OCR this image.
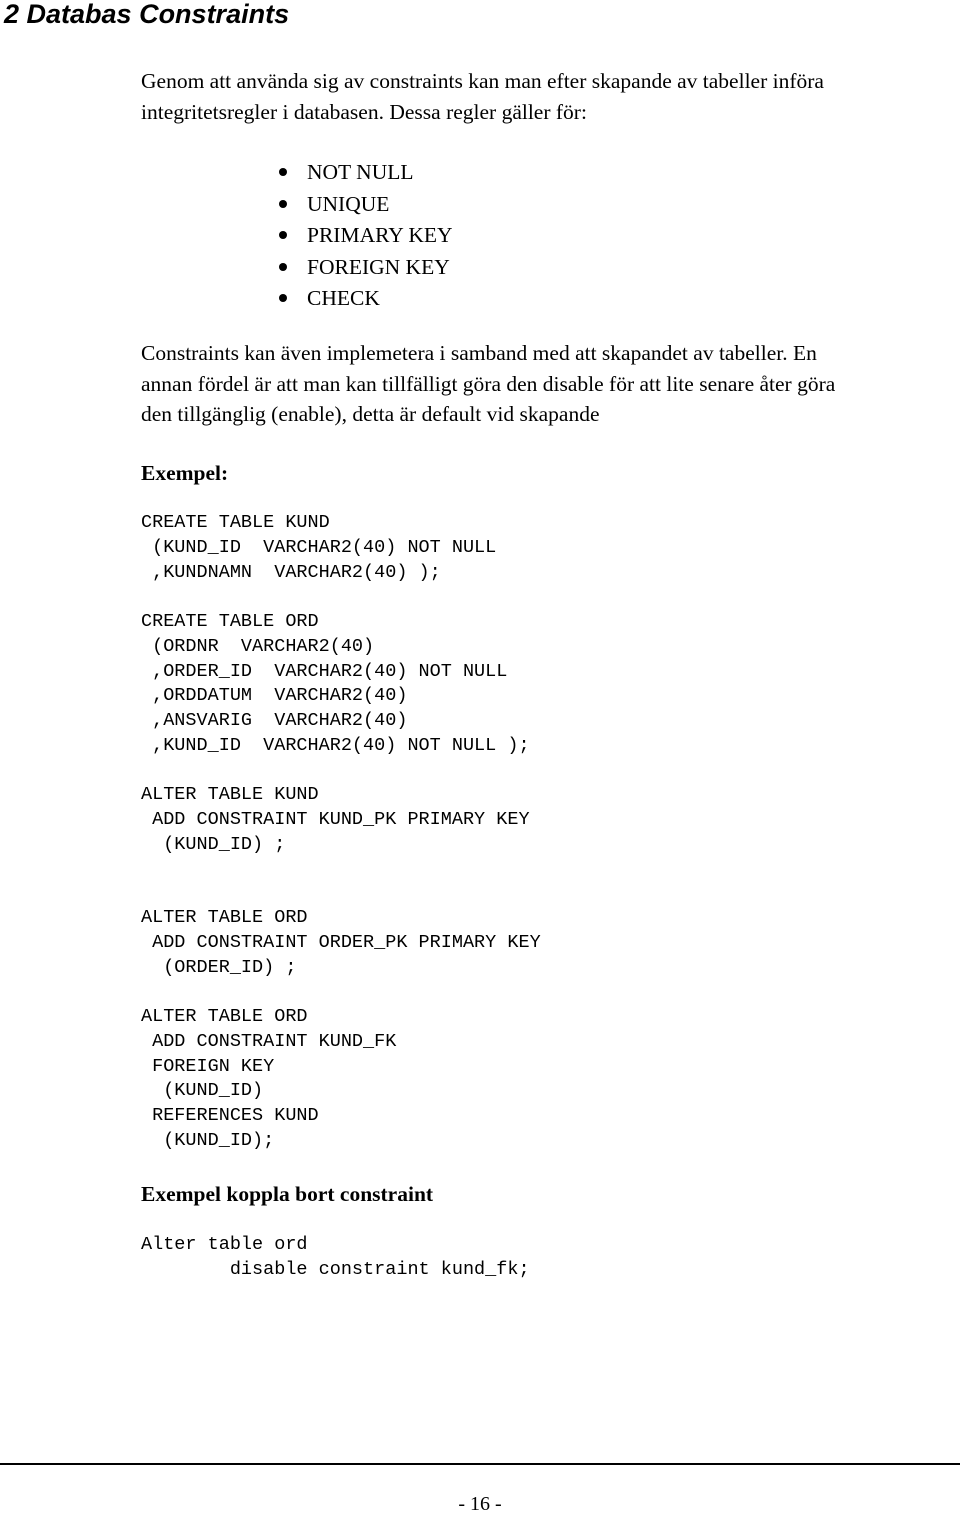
2 Databas Constraints

Genom att använda sig av constraints kan man efter skapande av tabeller införa

integritetsregler i databasen. Dessa regler gäller för:

NOT NULL
UNIQUE
PRIMARY KEY
FOREIGN KEY
CHECK

Constraints kan även implemetera i samband med att skapandet av tabeller. En

annan fördel är att man kan tillfälligt göra den disable för att lite senare åter göra

den tillgänglig (enable), detta är default vid skapande

Exempel:
CREATE TABLE KUND
(KUND_ID  VARCHAR2(40) NOT NULL
,KUNDNAMN  VARCHAR2(40) );
CREATE TABLE ORD
(ORDNR  VARCHAR2(40)
,ORDER_ID  VARCHAR2(40) NOT NULL
,ORDDATUM  VARCHAR2(40)
,ANSVARIG  VARCHAR2(40)
,KUND_ID  VARCHAR2(40) NOT NULL );
ALTER TABLE KUND
ADD CONSTRAINT KUND_PK PRIMARY KEY
(KUND_ID) ;
ALTER TABLE ORD
ADD CONSTRAINT ORDER_PK PRIMARY KEY
(ORDER_ID) ;
ALTER TABLE ORD
ADD CONSTRAINT KUND_FK
FOREIGN KEY
(KUND_ID)
REFERENCES KUND
(KUND_ID);
Exempel koppla bort constraint
Alter table ord
disable constraint kund_fk;
- 16 -
